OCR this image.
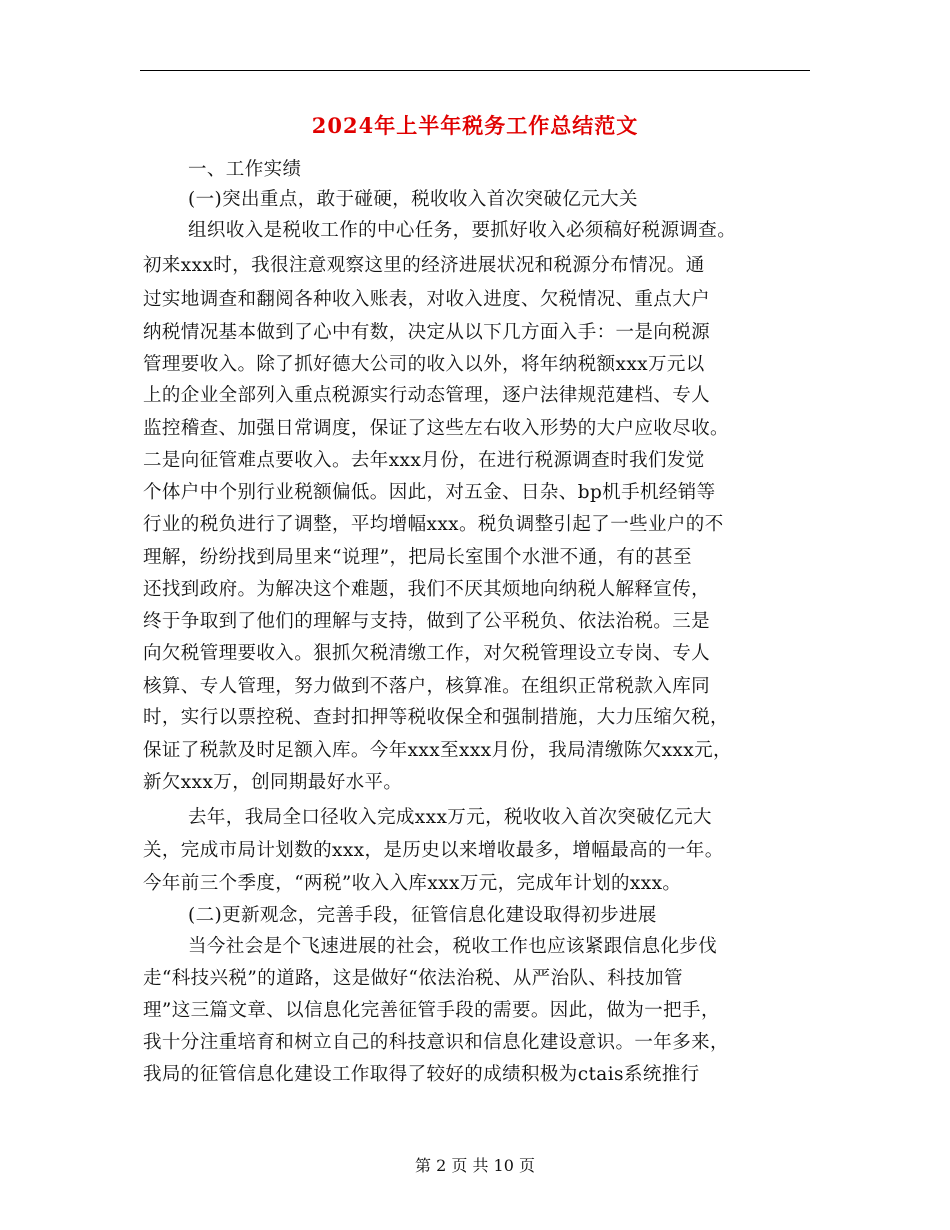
2024年上半年税务工作总结范文
一、工作实绩
(一)突出重点，敢于碰硬，税收收入首次突破亿元大关
组织收入是税收工作的中心任务，要抓好收入必须稿好税源调查。
初来xxx时，我很注意观察这里的经济进展状况和税源分布情况。通
过实地调查和翻阅各种收入账表，对收入进度、欠税情况、重点大户
纳税情况基本做到了心中有数，决定从以下几方面入手：一是向税源
管理要收入。除了抓好德大公司的收入以外，将年纳税额xxx万元以
上的企业全部列入重点税源实行动态管理，逐户法律规范建档、专人
监控稽查、加强日常调度，保证了这些左右收入形势的大户应收尽收。
二是向征管难点要收入。去年xxx月份，在进行税源调查时我们发觉
个体户中个别行业税额偏低。因此，对五金、日杂、bp机手机经销等
行业的税负进行了调整，平均增幅xxx。税负调整引起了一些业户的不
理解，纷纷找到局里来“说理”，把局长室围个水泄不通，有的甚至
还找到政府。为解决这个难题，我们不厌其烦地向纳税人解释宣传，
终于争取到了他们的理解与支持，做到了公平税负、依法治税。三是
向欠税管理要收入。狠抓欠税清缴工作，对欠税管理设立专岗、专人
核算、专人管理，努力做到不落户，核算准。在组织正常税款入库同
时，实行以票控税、查封扣押等税收保全和强制措施，大力压缩欠税，
保证了税款及时足额入库。今年xxx至xxx月份，我局清缴陈欠xxx元，
新欠xxx万，创同期最好水平。
去年，我局全口径收入完成xxx万元，税收收入首次突破亿元大
关，完成市局计划数的xxx，是历史以来增收最多，增幅最高的一年。
今年前三个季度，“两税”收入入库xxx万元，完成年计划的xxx。
(二)更新观念，完善手段，征管信息化建设取得初步进展
当今社会是个飞速进展的社会，税收工作也应该紧跟信息化步伐
走“科技兴税”的道路，这是做好“依法治税、从严治队、科技加管
理”这三篇文章、以信息化完善征管手段的需要。因此，做为一把手，
我十分注重培育和树立自己的科技意识和信息化建设意识。一年多来，
我局的征管信息化建设工作取得了较好的成绩积极为ctais系统推行
第 2 页 共 10 页
